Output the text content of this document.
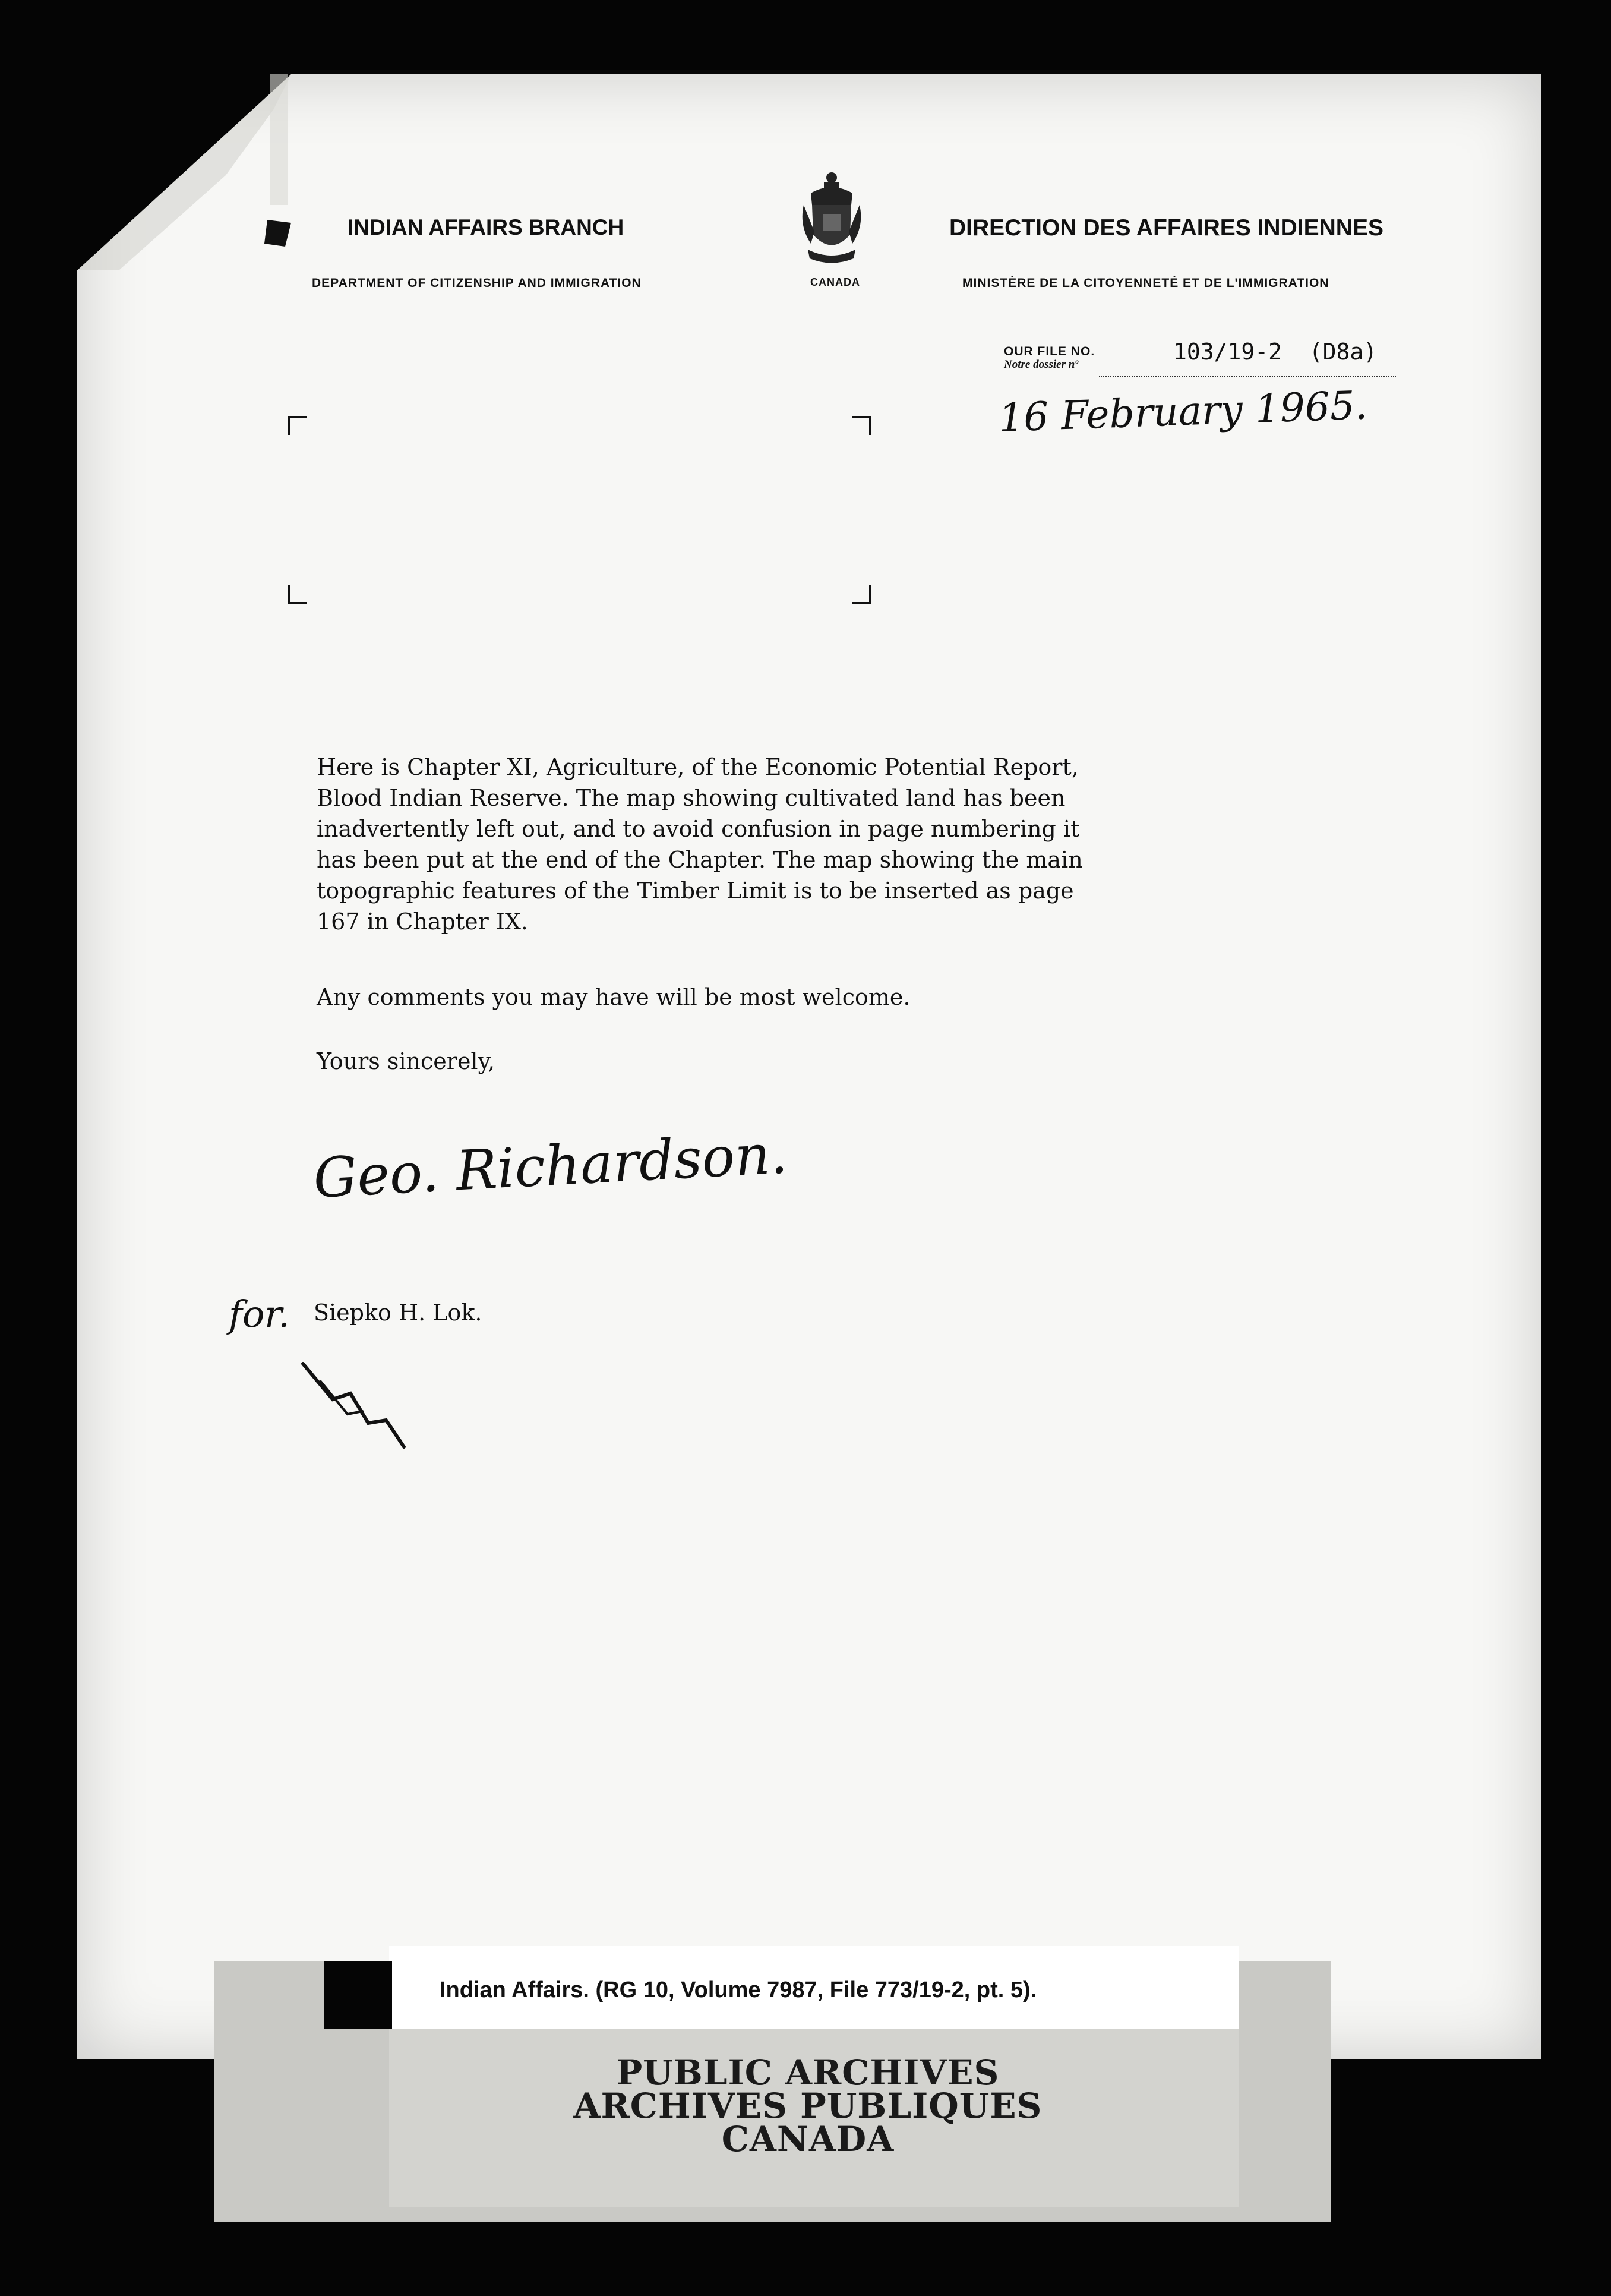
INDIAN AFFAIRS BRANCH
DEPARTMENT OF CITIZENSHIP AND IMMIGRATION	CANADA
DIRECTION DES AFFAIRES INDIENNES
MINISTÈRE DE LA CITOYENNETÉ ET DE L'IMMIGRATION
OUR FILE NO.
Notre dossier nº	103/19-2  (D8a)
16 February 1965.
Here is Chapter XI, Agriculture, of the Economic Potential Report,
Blood Indian Reserve. The map showing cultivated land has been
inadvertently left out, and to avoid confusion in page numbering it
has been put at the end of the Chapter. The map showing the main
topographic features of the Timber Limit is to be inserted as page
167 in Chapter IX.
Any comments you may have will be most welcome.
Yours sincerely,
Geo. Richardson.
for. Siepko H. Lok.
Indian Affairs. (RG 10, Volume 7987, File 773/19-2, pt. 5).
PUBLIC ARCHIVES
ARCHIVES PUBLIQUES
CANADA
